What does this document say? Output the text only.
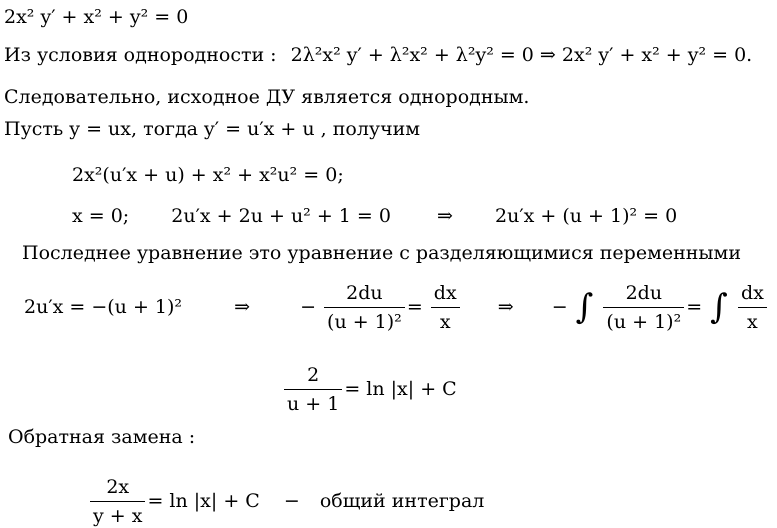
2x² y′ + x² + y² = 0
Из условия однородности : 2λ²x² y′ + λ²x² + λ²y² = 0 ⇒ 2x² y′ + x² + y² = 0.
Следовательно, исходное ДУ является однородным.
Пусть y = ux, тогда y′ = u′x + u , получим
2x²(u′x + u) + x² + x²u² = 0;
x = 0; 2u′x + 2u + u² + 1 = 0 ⇒ 2u′x + (u + 1)² = 0
Последнее уравнение это уравнение с разделяющимися переменными
2u′x = −(u + 1)²	⇒	− $\frac{2du}{\text{(u + 1)²}} = \frac{dx}{x}$ ⇒ − ∫ $\frac{2du}{\text{(u + 1)²}}$ = ∫ $\frac{dx}{x}$
$\frac{2}{u + 1} = \ln |x| + C$
Обратная замена :
$\frac{2x}{y + x} = \ln |x| + C$ − общий интеграл
